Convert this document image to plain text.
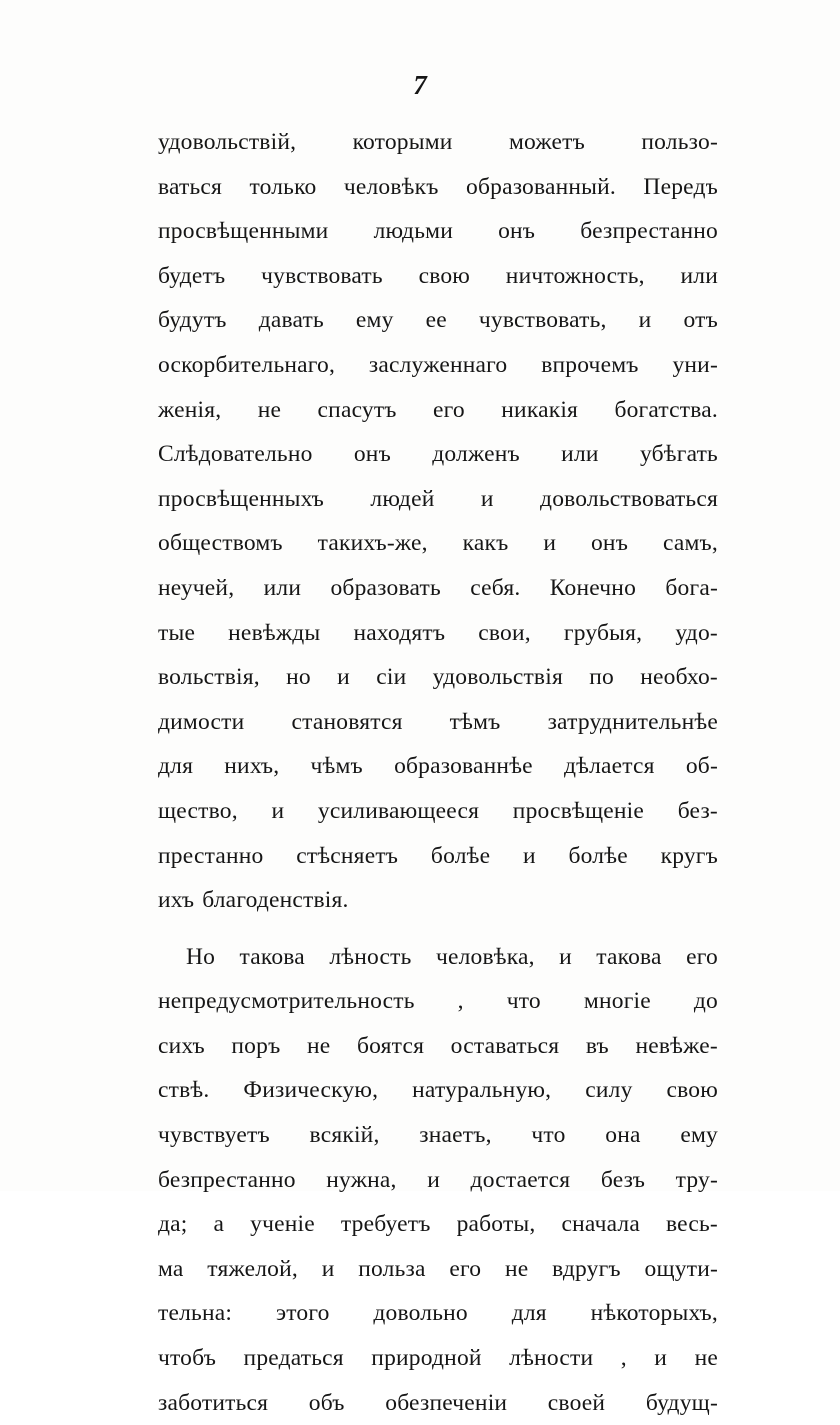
7
удовольствій, которыми можетъ пользо-
ваться только человѣкъ образованный. Передъ
просвѣщенными людьми онъ безпрестанно
будетъ чувствовать свою ничтожность, или
будутъ давать ему ее чувствовать, и отъ
оскорбительнаго, заслуженнаго впрочемъ уни-
женія, не спасутъ его никакія богатства.
Слѣдовательно онъ долженъ или убѣгать
просвѣщенныхъ людей и довольствоваться
обществомъ такихъ-же, какъ и онъ самъ,
неучей, или образовать себя. Конечно бога-
тые невѣжды находятъ свои, грубыя, удо-
вольствія, но и сіи удовольствія по необхо-
димости становятся тѣмъ затруднительнѣе
для нихъ, чѣмъ образованнѣе дѣлается об-
щество, и усиливающееся просвѣщеніе без-
престанно стѣсняетъ болѣе и болѣе кругъ
ихъ благоденствія.
Но такова лѣность человѣка, и такова его
непредусмотрительность , что многіе до
сихъ поръ не боятся оставаться въ невѣже-
ствѣ. Физическую, натуральную, силу свою
чувствуетъ всякій, знаетъ, что она ему
безпрестанно нужна, и достается безъ тру-
да; а ученіе требуетъ работы, сначала весь-
ма тяжелой, и польза его не вдругъ ощути-
тельна: этого довольно для нѣкоторыхъ,
чтобъ предаться природной лѣности , и не
заботиться объ обезпеченіи своей будущ-
